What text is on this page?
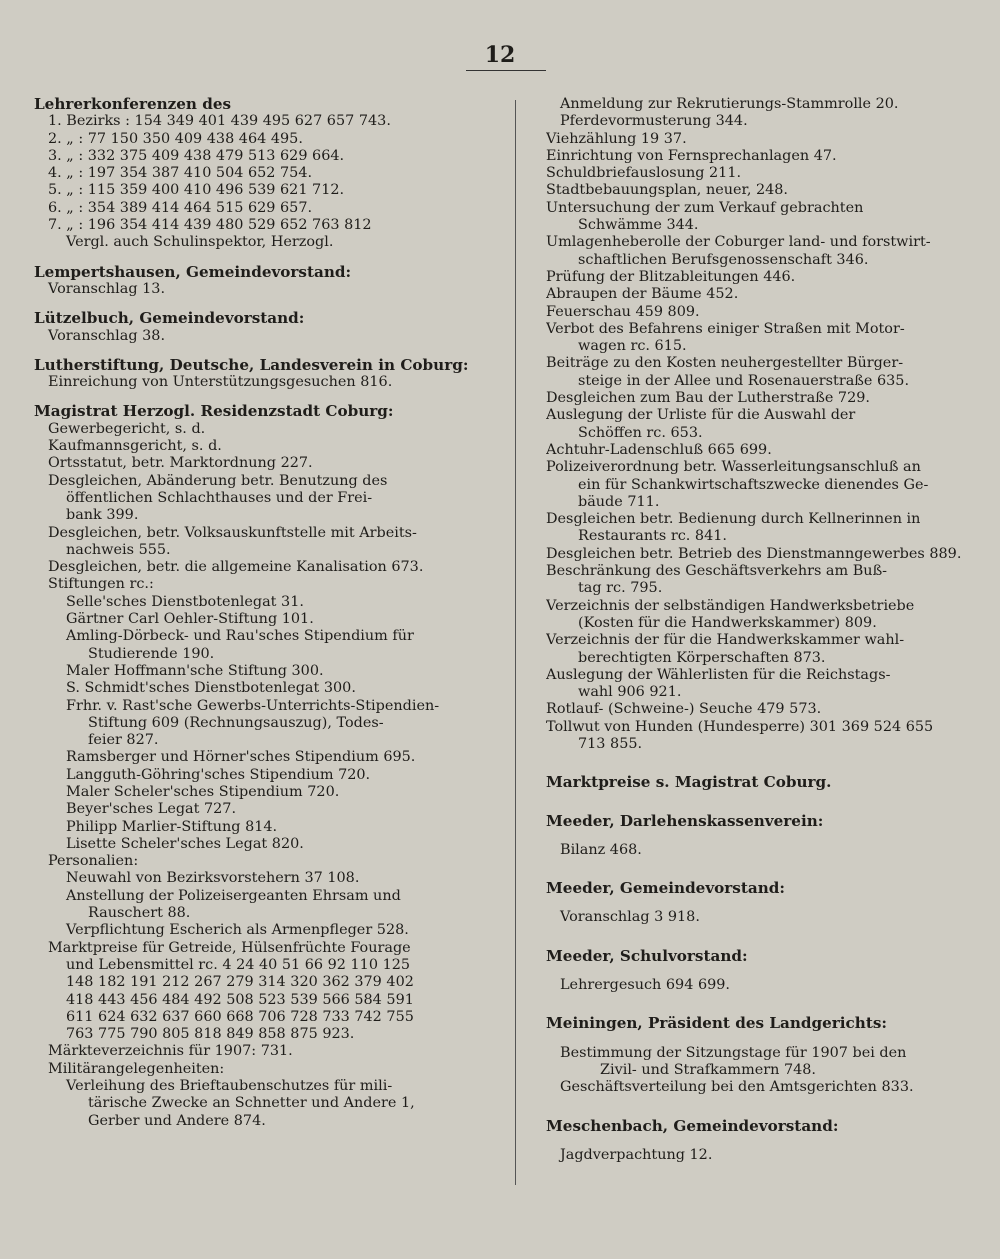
12
Lehrerkonferenzen des
1. Bezirks : 154 349 401 439 495 627 657 743.
2. „ : 77 150 350 409 438 464 495.
3. „ : 332 375 409 438 479 513 629 664.
4. „ : 197 354 387 410 504 652 754.
5. „ : 115 359 400 410 496 539 621 712.
6. „ : 354 389 414 464 515 629 657.
7. „ : 196 354 414 439 480 529 652 763 812
Vergl. auch Schulinspektor, Herzogl.
Lempertshausen, Gemeindevorstand:
Voranschlag 13.
Lützelbuch, Gemeindevorstand:
Voranschlag 38.
Lutherstiftung, Deutsche, Landesverein in Coburg:
Einreichung von Unterstützungsgesuchen 816.
Magistrat Herzogl. Residenzstadt Coburg:
Gewerbegericht, s. d.
Kaufmannsgericht, s. d.
Ortsstatut, betr. Marktordnung 227.
Desgleichen, Abänderung betr. Benutzung des
öffentlichen Schlachthauses und der Frei-
bank 399.
Desgleichen, betr. Volksauskunftstelle mit Arbeits-
nachweis 555.
Desgleichen, betr. die allgemeine Kanalisation 673.
Stiftungen rc.:
Selle'sches Dienstbotenlegat 31.
Gärtner Carl Oehler-Stiftung 101.
Amling-Dörbeck- und Rau'sches Stipendium für
Studierende 190.
Maler Hoffmann'sche Stiftung 300.
S. Schmidt'sches Dienstbotenlegat 300.
Frhr. v. Rast'sche Gewerbs-Unterrichts-Stipendien-
Stiftung 609 (Rechnungsauszug), Todes-
feier 827.
Ramsberger und Hörner'sches Stipendium 695.
Langguth-Göhring'sches Stipendium 720.
Maler Scheler'sches Stipendium 720.
Beyer'sches Legat 727.
Philipp Marlier-Stiftung 814.
Lisette Scheler'sches Legat 820.
Personalien:
Neuwahl von Bezirksvorstehern 37 108.
Anstellung der Polizeisergeanten Ehrsam und
Rauschert 88.
Verpflichtung Escherich als Armenpfleger 528.
Marktpreise für Getreide, Hülsenfrüchte Fourage
und Lebensmittel rc. 4 24 40 51 66 92 110 125
148 182 191 212 267 279 314 320 362 379 402
418 443 456 484 492 508 523 539 566 584 591
611 624 632 637 660 668 706 728 733 742 755
763 775 790 805 818 849 858 875 923.
Märkteverzeichnis für 1907: 731.
Militärangelegenheiten:
Verleihung des Brieftaubenschutzes für mili-
tärische Zwecke an Schnetter und Andere 1,
Gerber und Andere 874.
Anmeldung zur Rekrutierungs-Stammrolle 20.
Pferdevormusterung 344.
Viehzählung 19 37.
Einrichtung von Fernsprechanlagen 47.
Schuldbriefauslosung 211.
Stadtbebauungsplan, neuer, 248.
Untersuchung der zum Verkauf gebrachten
Schwämme 344.
Umlagenheberolle der Coburger land- und forstwirt-
schaftlichen Berufsgenossenschaft 346.
Prüfung der Blitzableitungen 446.
Abraupen der Bäume 452.
Feuerschau 459 809.
Verbot des Befahrens einiger Straßen mit Motor-
wagen rc. 615.
Beiträge zu den Kosten neuhergestellter Bürger-
steige in der Allee und Rosenauerstraße 635.
Desgleichen zum Bau der Lutherstraße 729.
Auslegung der Urliste für die Auswahl der
Schöffen rc. 653.
Achtuhr-Ladenschluß 665 699.
Polizeiverordnung betr. Wasserleitungsanschluß an
ein für Schankwirtschaftszwecke dienendes Ge-
bäude 711.
Desgleichen betr. Bedienung durch Kellnerinnen in
Restaurants rc. 841.
Desgleichen betr. Betrieb des Dienstmanngewerbes 889.
Beschränkung des Geschäftsverkehrs am Buß-
tag rc. 795.
Verzeichnis der selbständigen Handwerksbetriebe
(Kosten für die Handwerkskammer) 809.
Verzeichnis der für die Handwerkskammer wahl-
berechtigten Körperschaften 873.
Auslegung der Wählerlisten für die Reichstags-
wahl 906 921.
Rotlauf- (Schweine-) Seuche 479 573.
Tollwut von Hunden (Hundesperre) 301 369 524 655
713 855.
Marktpreise s. Magistrat Coburg.
Meeder, Darlehenskassenverein:
Bilanz 468.
Meeder, Gemeindevorstand:
Voranschlag 3 918.
Meeder, Schulvorstand:
Lehrergesuch 694 699.
Meiningen, Präsident des Landgerichts:
Bestimmung der Sitzungstage für 1907 bei den
Zivil- und Strafkammern 748.
Geschäftsverteilung bei den Amtsgerichten 833.
Meschenbach, Gemeindevorstand:
Jagdverpachtung 12.
